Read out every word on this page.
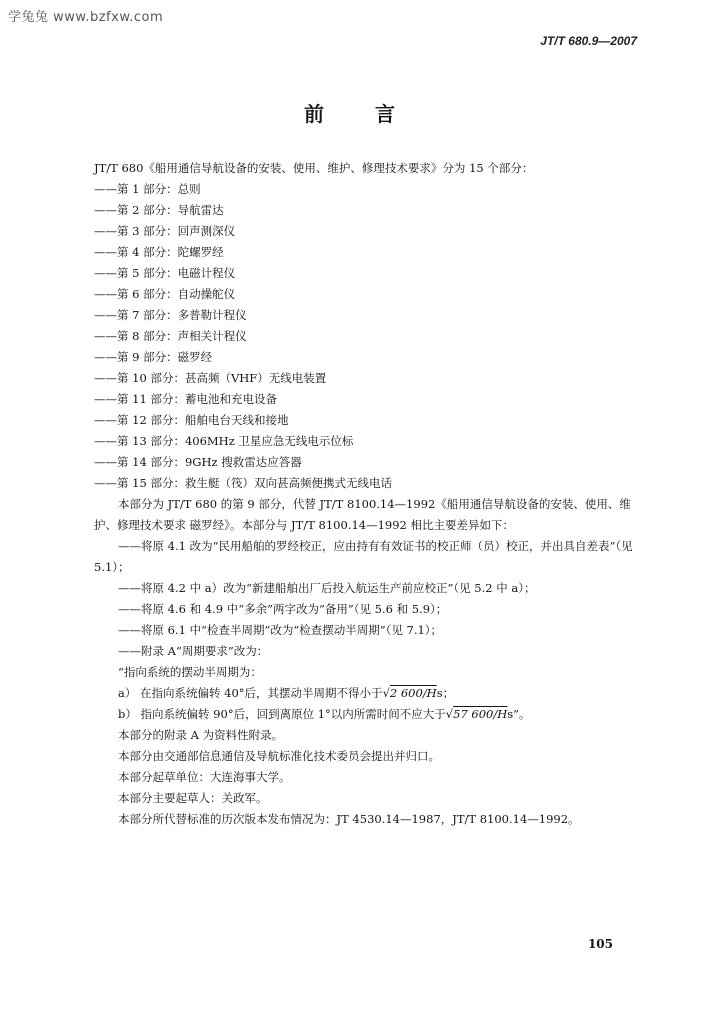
学兔兔 www.bzfxw.com
JT/T 680.9—2007
前 言
JT/T 680《船用通信导航设备的安装、使用、维护、修理技术要求》分为 15 个部分：
——第 1 部分：总则
——第 2 部分：导航雷达
——第 3 部分：回声测深仪
——第 4 部分：陀螺罗经
——第 5 部分：电磁计程仪
——第 6 部分：自动操舵仪
——第 7 部分：多普勒计程仪
——第 8 部分：声相关计程仪
——第 9 部分：磁罗经
——第 10 部分：甚高频（VHF）无线电装置
——第 11 部分：蓄电池和充电设备
——第 12 部分：船舶电台天线和接地
——第 13 部分：406MHz 卫星应急无线电示位标
——第 14 部分：9GHz 搜救雷达应答器
——第 15 部分：救生艇（筏）双向甚高频便携式无线电话
本部分为 JT/T 680 的第 9 部分，代替 JT/T 8100.14—1992《船用通信导航设备的安装、使用、维护、修理技术要求 磁罗经》。本部分与 JT/T 8100.14—1992 相比主要差异如下：
——将原 4.1 改为“民用船舶的罗经校正，应由持有有效证书的校正师（员）校正，并出具自差表”（见 5.1）；
——将原 4.2 中 a）改为“新建船舶出厂后投入航运生产前应校正”（见 5.2 中 a）；
——将原 4.6 和 4.9 中“多余”两字改为“备用”（见 5.6 和 5.9）；
——将原 6.1 中“检查半周期”改为“检查摆动半周期”（见 7.1）；
——附录 A“周期要求”改为：
“指向系统的摆动半周期为：
a） 在指向系统偏转 40°后，其摆动半周期不得小于√2 600/Hs；
b） 指向系统偏转 90°后，回到离原位 1°以内所需时间不应大于√57 600/Hs”。
本部分的附录 A 为资料性附录。
本部分由交通部信息通信及导航标准化技术委员会提出并归口。
本部分起草单位：大连海事大学。
本部分主要起草人：关政军。
本部分所代替标准的历次版本发布情况为：JT 4530.14—1987，JT/T 8100.14—1992。
105
